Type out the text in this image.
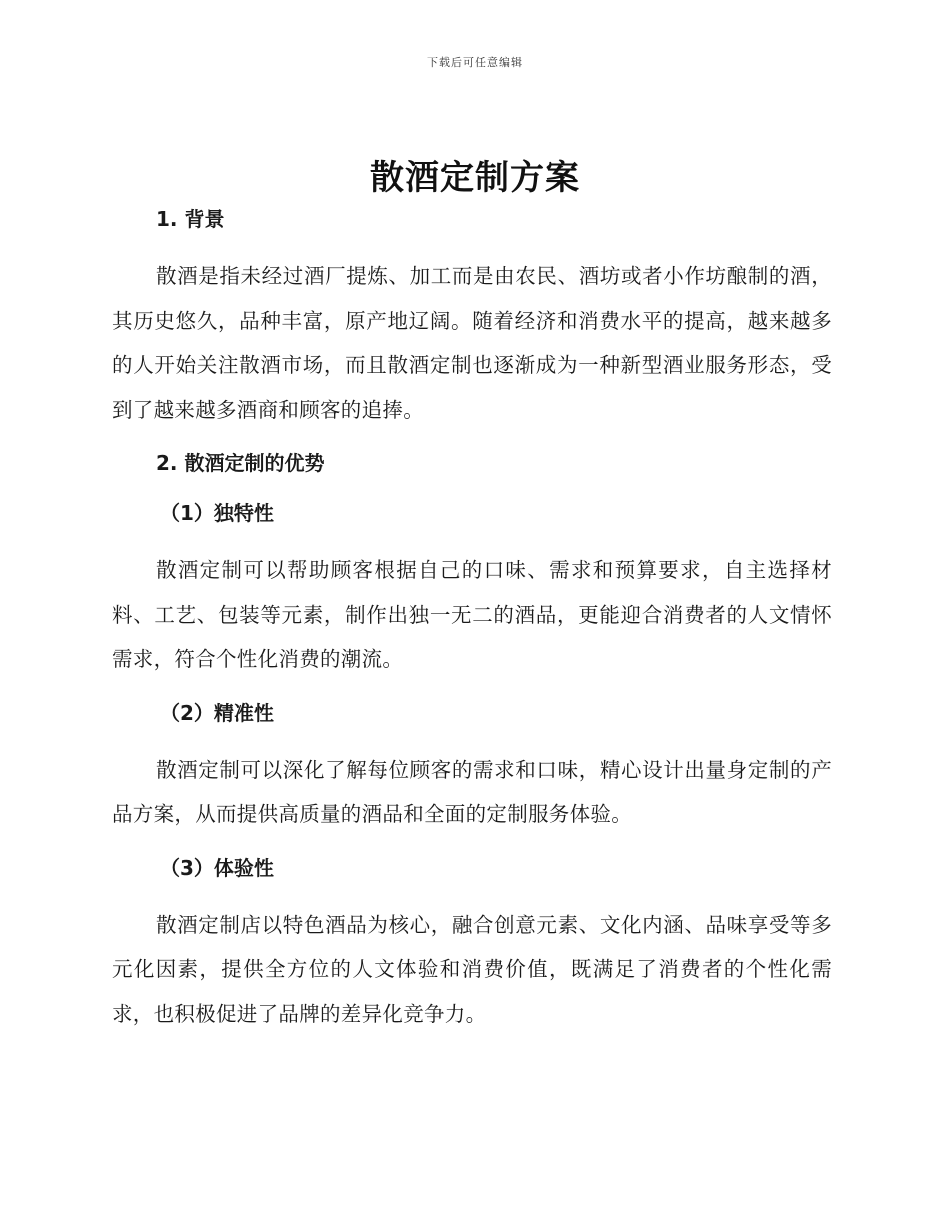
下载后可任意编辑
散酒定制方案
1. 背景

散酒是指未经过酒厂提炼、加工而是由农民、酒坊或者小作坊酿制的酒，其历史悠久，品种丰富，原产地辽阔。随着经济和消费水平的提高，越来越多的人开始关注散酒市场，而且散酒定制也逐渐成为一种新型酒业服务形态，受到了越来越多酒商和顾客的追捧。

2. 散酒定制的优势
（1）独特性

散酒定制可以帮助顾客根据自己的口味、需求和预算要求，自主选择材料、工艺、包装等元素，制作出独一无二的酒品，更能迎合消费者的人文情怀需求，符合个性化消费的潮流。

（2）精准性

散酒定制可以深化了解每位顾客的需求和口味，精心设计出量身定制的产品方案，从而提供高质量的酒品和全面的定制服务体验。

（3）体验性

散酒定制店以特色酒品为核心，融合创意元素、文化内涵、品味享受等多元化因素，提供全方位的人文体验和消费价值，既满足了消费者的个性化需求，也积极促进了品牌的差异化竞争力。
